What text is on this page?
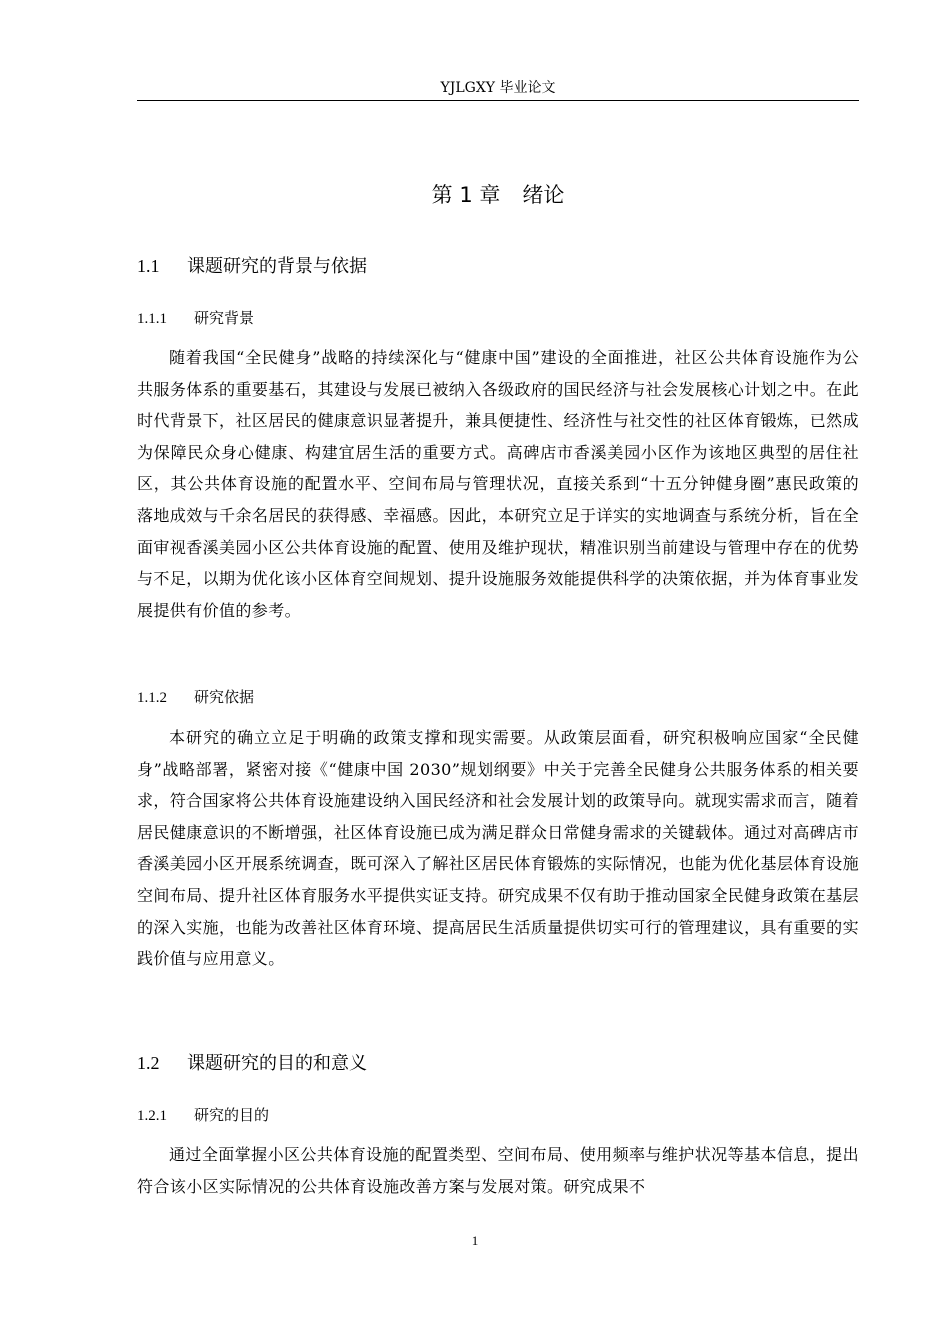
YJLGXY 毕业论文
第 1 章 绪论
1.1 课题研究的背景与依据
1.1.1 研究背景

随着我国“全民健身”战略的持续深化与“健康中国”建设的全面推进，社区公共体育设施作为公共服务体系的重要基石，其建设与发展已被纳入各级政府的国民经济与社会发展核心计划之中。在此时代背景下，社区居民的健康意识显著提升，兼具便捷性、经济性与社交性的社区体育锻炼，已然成为保障民众身心健康、构建宜居生活的重要方式。高碑店市香溪美园小区作为该地区典型的居住社区，其公共体育设施的配置水平、空间布局与管理状况，直接关系到“十五分钟健身圈”惠民政策的落地成效与千余名居民的获得感、幸福感。因此，本研究立足于详实的实地调查与系统分析，旨在全面审视香溪美园小区公共体育设施的配置、使用及维护现状，精准识别当前建设与管理中存在的优势与不足，以期为优化该小区体育空间规划、提升设施服务效能提供科学的决策依据，并为体育事业发展提供有价值的参考。

1.1.2 研究依据

本研究的确立立足于明确的政策支撑和现实需要。从政策层面看，研究积极响应国家“全民健身”战略部署，紧密对接《“健康中国 2030”规划纲要》中关于完善全民健身公共服务体系的相关要求，符合国家将公共体育设施建设纳入国民经济和社会发展计划的政策导向。就现实需求而言，随着居民健康意识的不断增强，社区体育设施已成为满足群众日常健身需求的关键载体。通过对高碑店市香溪美园小区开展系统调查，既可深入了解社区居民体育锻炼的实际情况，也能为优化基层体育设施空间布局、提升社区体育服务水平提供实证支持。研究成果不仅有助于推动国家全民健身政策在基层的深入实施，也能为改善社区体育环境、提高居民生活质量提供切实可行的管理建议，具有重要的实践价值与应用意义。

1.2 课题研究的目的和意义
1.2.1 研究的目的

通过全面掌握小区公共体育设施的配置类型、空间布局、使用频率与维护状况等基本信息，提出符合该小区实际情况的公共体育设施改善方案与发展对策。研究成果不

1
